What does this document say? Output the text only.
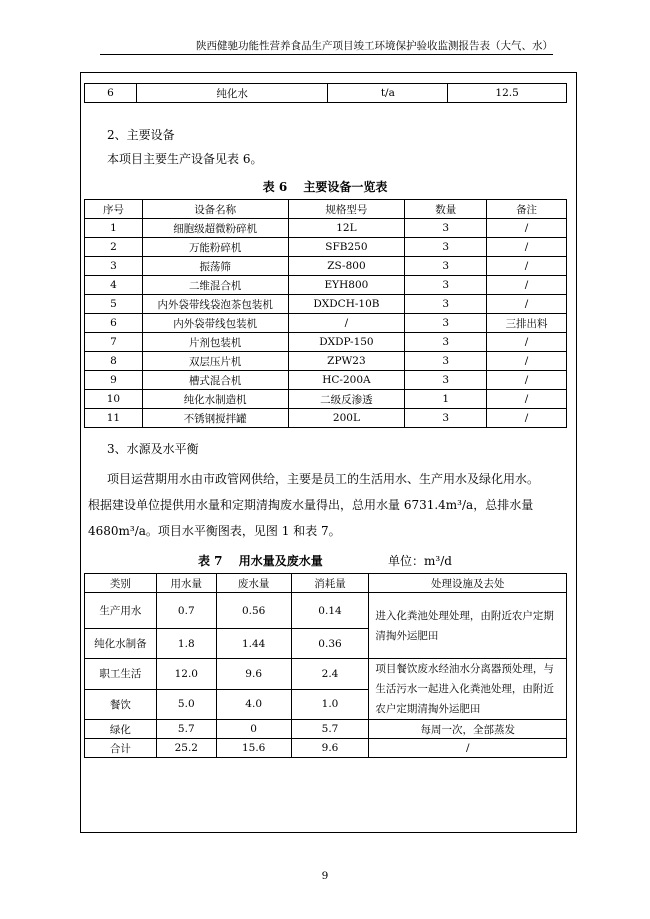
陕西健驰功能性营养食品生产项目竣工环境保护验收监测报告表（大气、水）
6	纯化水	t/a	12.5
2、主要设备
本项目主要生产设备见表 6。
表 6　 主要设备一览表
序号	设备名称	规格型号	数量	备注
1	细胞级超微粉碎机	12L	3	/
2	万能粉碎机	SFB250	3	/
3	振荡筛	ZS-800	3	/
4	二维混合机	EYH800	3	/
5	内外袋带线袋泡茶包装机	DXDCH-10B	3	/
6	内外袋带线包装机	/	3	三排出料
7	片剂包装机	DXDP-150	3	/
8	双层压片机	ZPW23	3	/
9	槽式混合机	HC-200A	3	/
10	纯化水制造机	二级反渗透	1	/
11	不锈钢搅拌罐	200L	3	/
3、水源及水平衡
项目运营期用水由市政管网供给，主要是员工的生活用水、生产用水及绿化用水。
根据建设单位提供用水量和定期清掏废水量得出，总用水量 6731.4m³/a，总排水量
4680m³/a。项目水平衡图表，见图 1 和表 7。
表 7　 用水量及废水量	单位：m³/d
类别	用水量	废水量	消耗量	处理设施及去处
生产用水	0.7	0.56	0.14	进入化粪池处理处理，由附近农户定期清掏外运肥田
纯化水制备	1.8	1.44	0.36	
职工生活	12.0	9.6	2.4	项目餐饮废水经油水分离器预处理，与生活污水一起进入化粪池处理，由附近农户定期清掏外运肥田
餐饮	5.0	4.0	1.0	
绿化	5.7	0	5.7	每周一次，全部蒸发
合计	25.2	15.6	9.6	/
9
